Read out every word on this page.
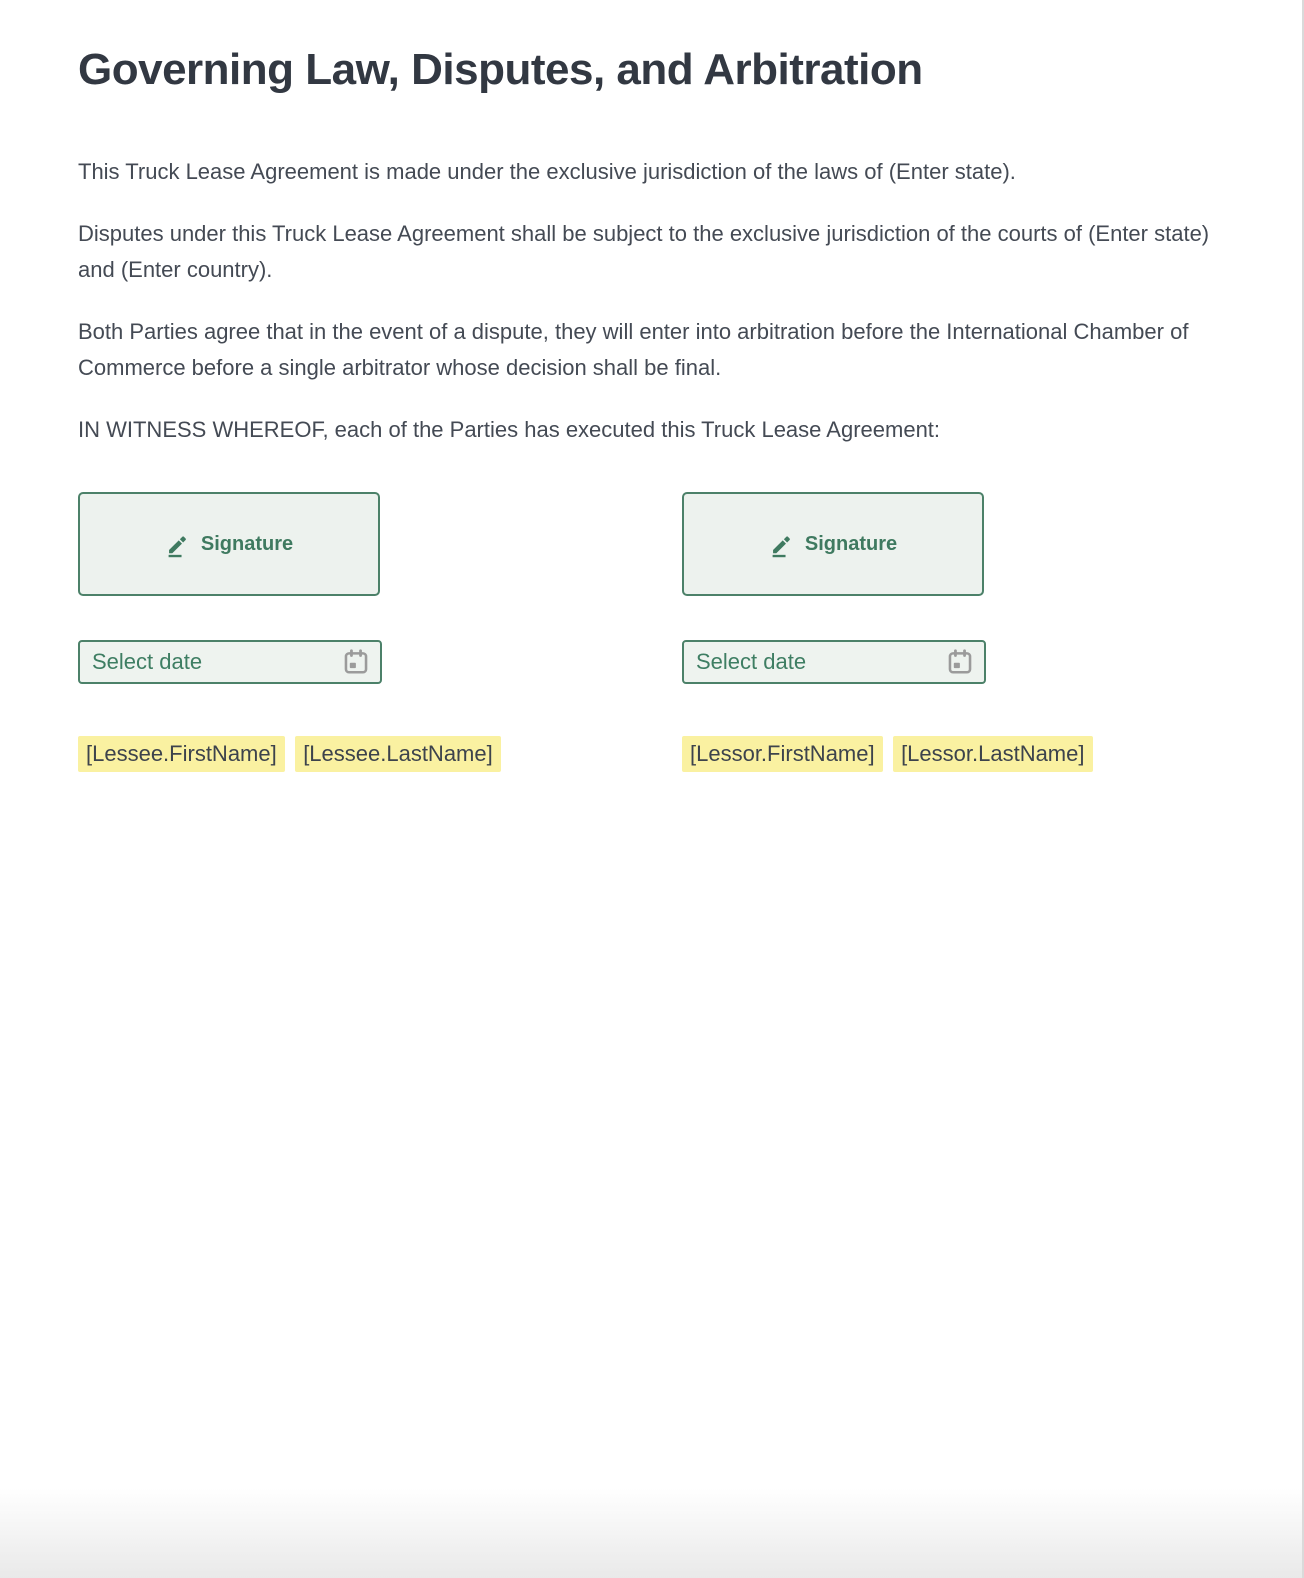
Governing Law, Disputes, and Arbitration

This Truck Lease Agreement is made under the exclusive jurisdiction of the laws of (Enter state).

Disputes under this Truck Lease Agreement shall be subject to the exclusive jurisdiction of the courts of (Enter state) and (Enter country).

Both Parties agree that in the event of a dispute, they will enter into arbitration before the International Chamber of Commerce before a single arbitrator whose decision shall be final.

IN WITNESS WHEREOF, each of the Parties has executed this Truck Lease Agreement:

Signature
Select date
[Lessee.FirstName] [Lessee.LastName]
Signature
Select date
[Lessor.FirstName] [Lessor.LastName]
